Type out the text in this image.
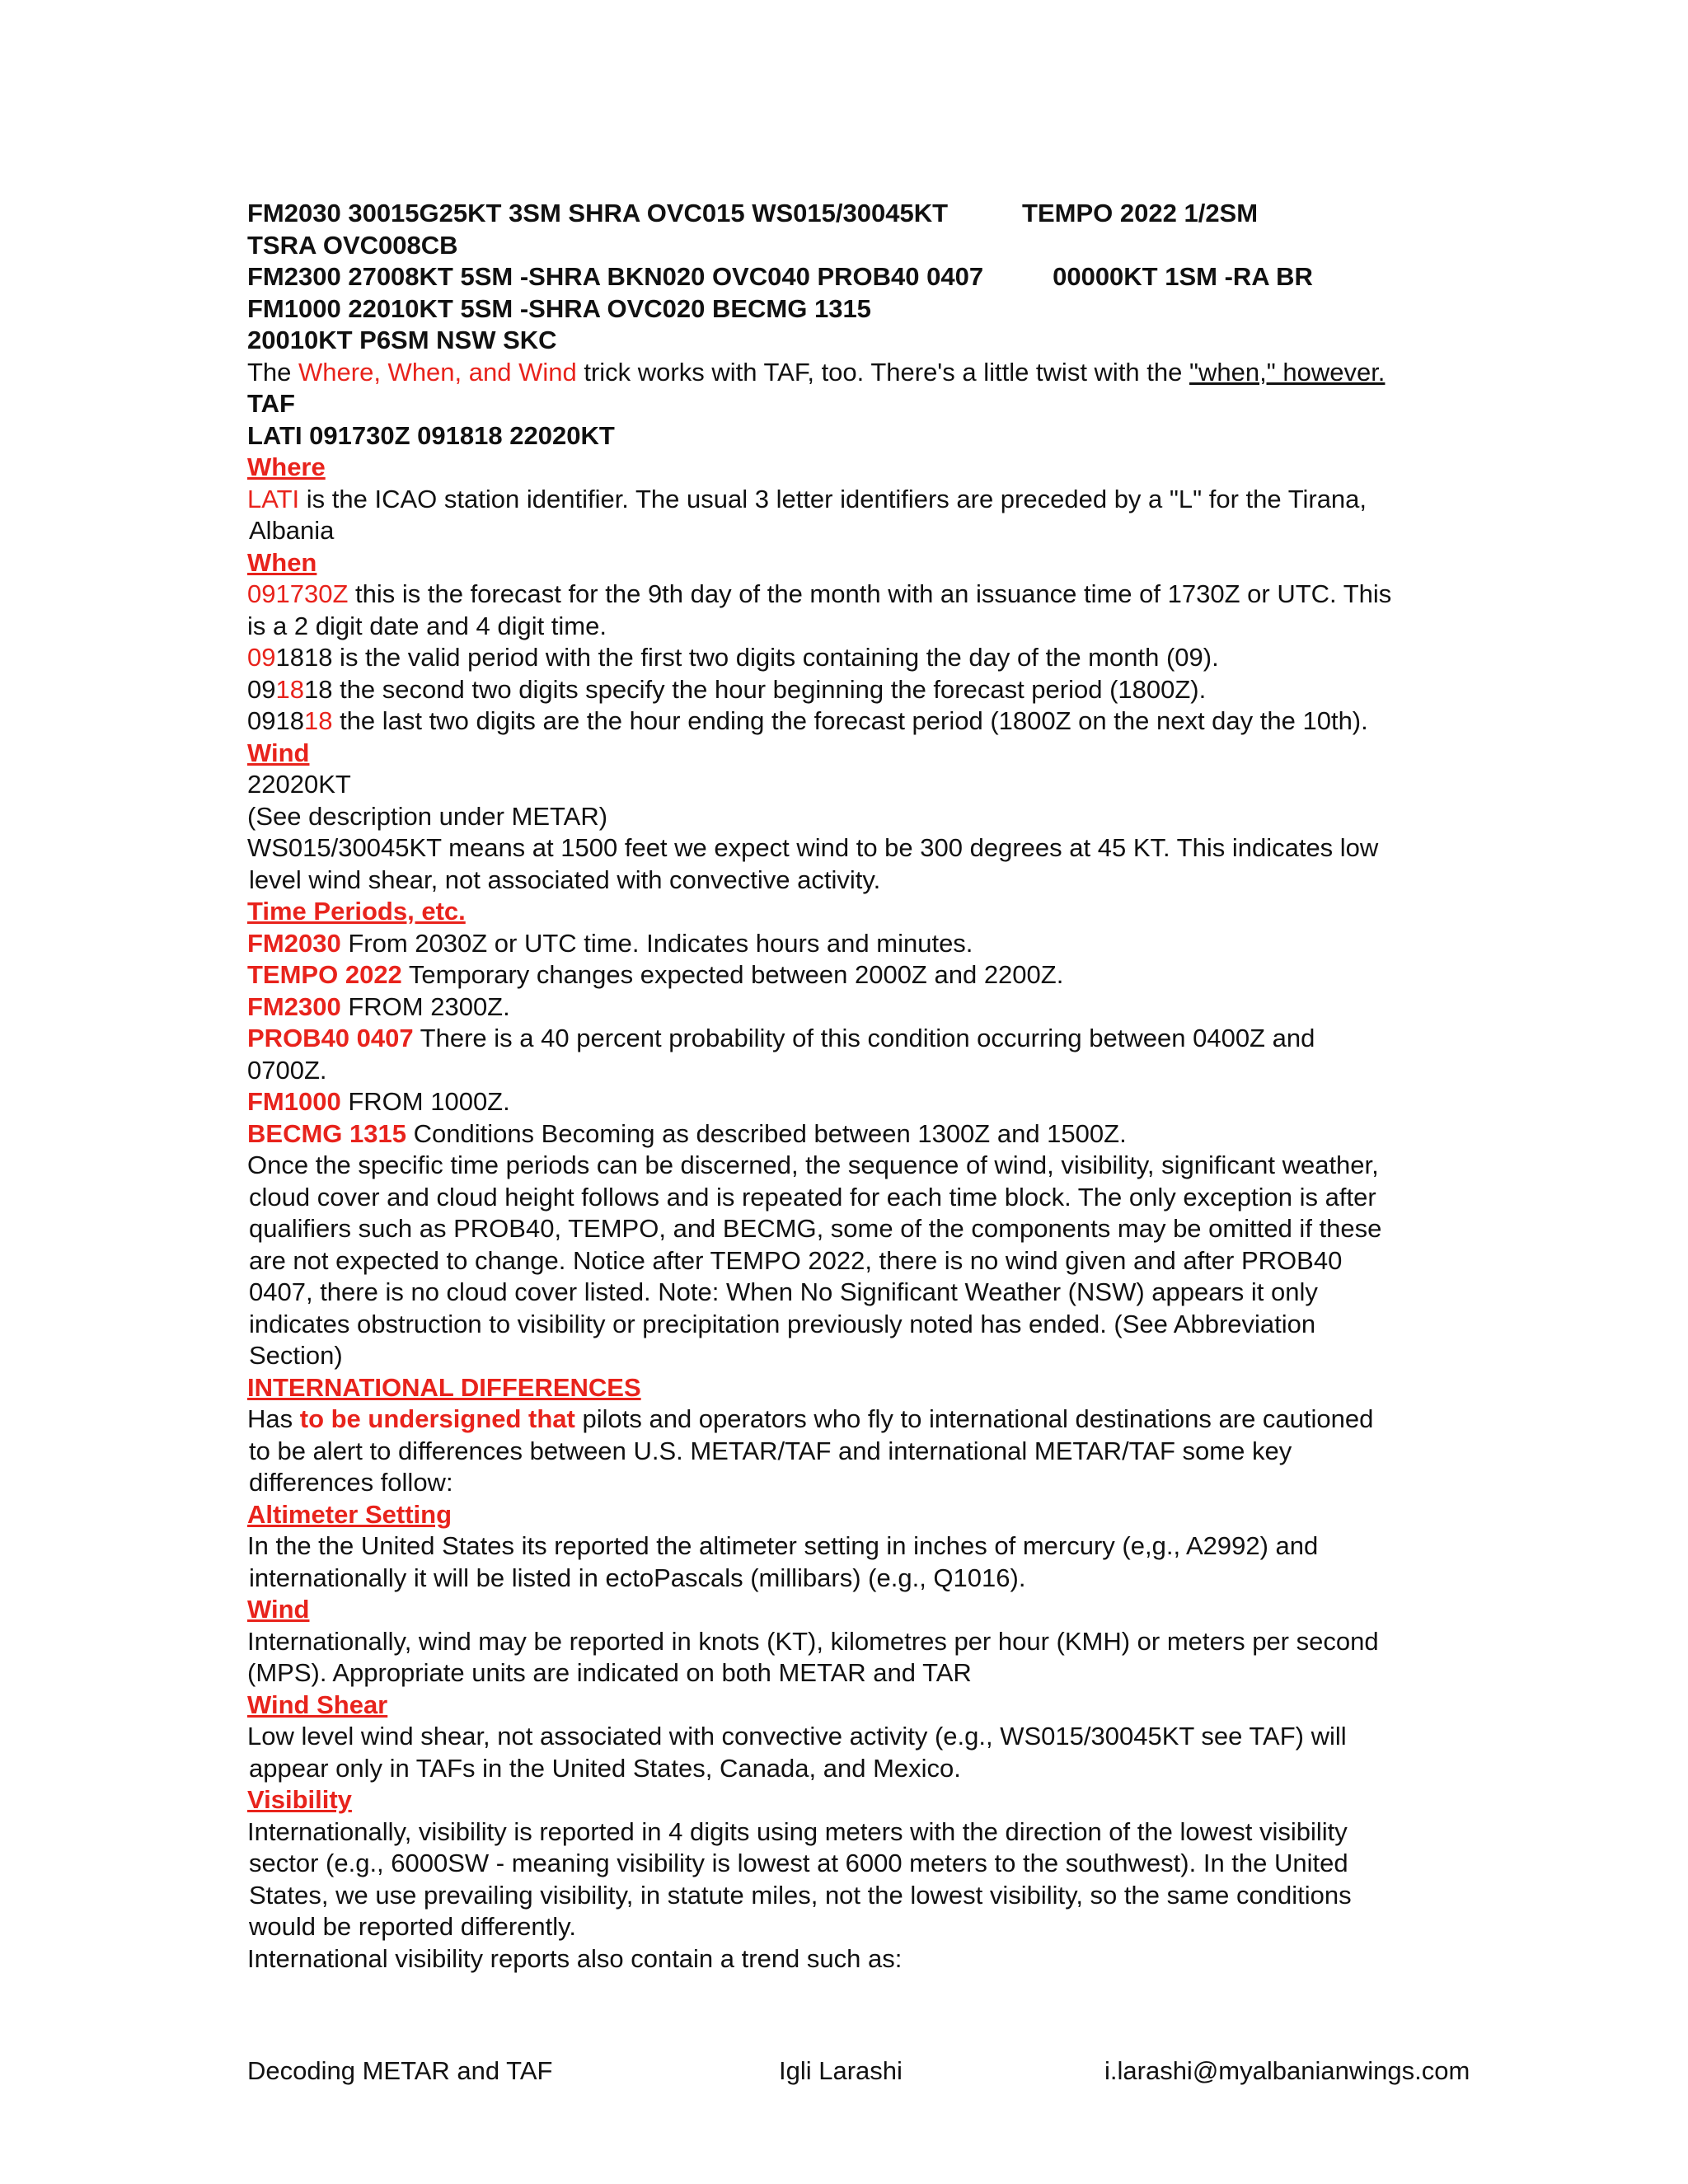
FM2030 30015G25KT 3SM SHRA OVC015 WS015/30045KT	TEMPO 2022 1/2SM
TSRA OVC008CB
FM2300 27008KT 5SM -SHRA BKN020 OVC040 PROB40 0407	00000KT 1SM -RA BR
FM1000 22010KT 5SM -SHRA OVC020 BECMG 1315
20010KT P6SM NSW SKC
The Where, When, and Wind trick works with TAF, too. There's a little twist with the "when," however.
TAF
LATI 091730Z 091818 22020KT
Where
LATI is the ICAO station identifier. The usual 3 letter identifiers are preceded by a "L" for the Tirana,
Albania
When
091730Z this is the forecast for the 9th day of the month with an issuance time of 1730Z or UTC. This
is a 2 digit date and 4 digit time.
091818 is the valid period with the first two digits containing the day of the month (09).
091818 the second two digits specify the hour beginning the forecast period (1800Z).
091818 the last two digits are the hour ending the forecast period (1800Z on the next day the 10th).
Wind
22020KT
(See description under METAR)
WS015/30045KT means at 1500 feet we expect wind to be 300 degrees at 45 KT. This indicates low
level wind shear, not associated with convective activity.
Time Periods, etc.
FM2030 From 2030Z or UTC time. Indicates hours and minutes.
TEMPO 2022 Temporary changes expected between 2000Z and 2200Z.
FM2300 FROM 2300Z.
PROB40 0407 There is a 40 percent probability of this condition occurring between 0400Z and
0700Z.
FM1000 FROM 1000Z.
BECMG 1315 Conditions Becoming as described between 1300Z and 1500Z.
Once the specific time periods can be discerned, the sequence of wind, visibility, significant weather,
cloud cover and cloud height follows and is repeated for each time block. The only exception is after
qualifiers such as PROB40, TEMPO, and BECMG, some of the components may be omitted if these
are not expected to change. Notice after TEMPO 2022, there is no wind given and after PROB40
0407, there is no cloud cover listed. Note: When No Significant Weather (NSW) appears it only
indicates obstruction to visibility or precipitation previously noted has ended. (See Abbreviation
Section)
INTERNATIONAL DIFFERENCES
Has to be undersigned that pilots and operators who fly to international destinations are cautioned
to be alert to differences between U.S. METAR/TAF and international METAR/TAF some key
differences follow:
Altimeter Setting
In the the United States its reported the altimeter setting in inches of mercury (e,g., A2992) and
internationally it will be listed in ectoPascals (millibars) (e.g., Q1016).
Wind
Internationally, wind may be reported in knots (KT), kilometres per hour (KMH) or meters per second
(MPS). Appropriate units are indicated on both METAR and TAR
Wind Shear
Low level wind shear, not associated with convective activity (e.g., WS015/30045KT see TAF) will
appear only in TAFs in the United States, Canada, and Mexico.
Visibility
Internationally, visibility is reported in 4 digits using meters with the direction of the lowest visibility
sector (e.g., 6000SW - meaning visibility is lowest at 6000 meters to the southwest). In the United
States, we use prevailing visibility, in statute miles, not the lowest visibility, so the same conditions
would be reported differently.
International visibility reports also contain a trend such as:
Decoding METAR and TAF	Igli Larashi	i.larashi@myalbanianwings.com
